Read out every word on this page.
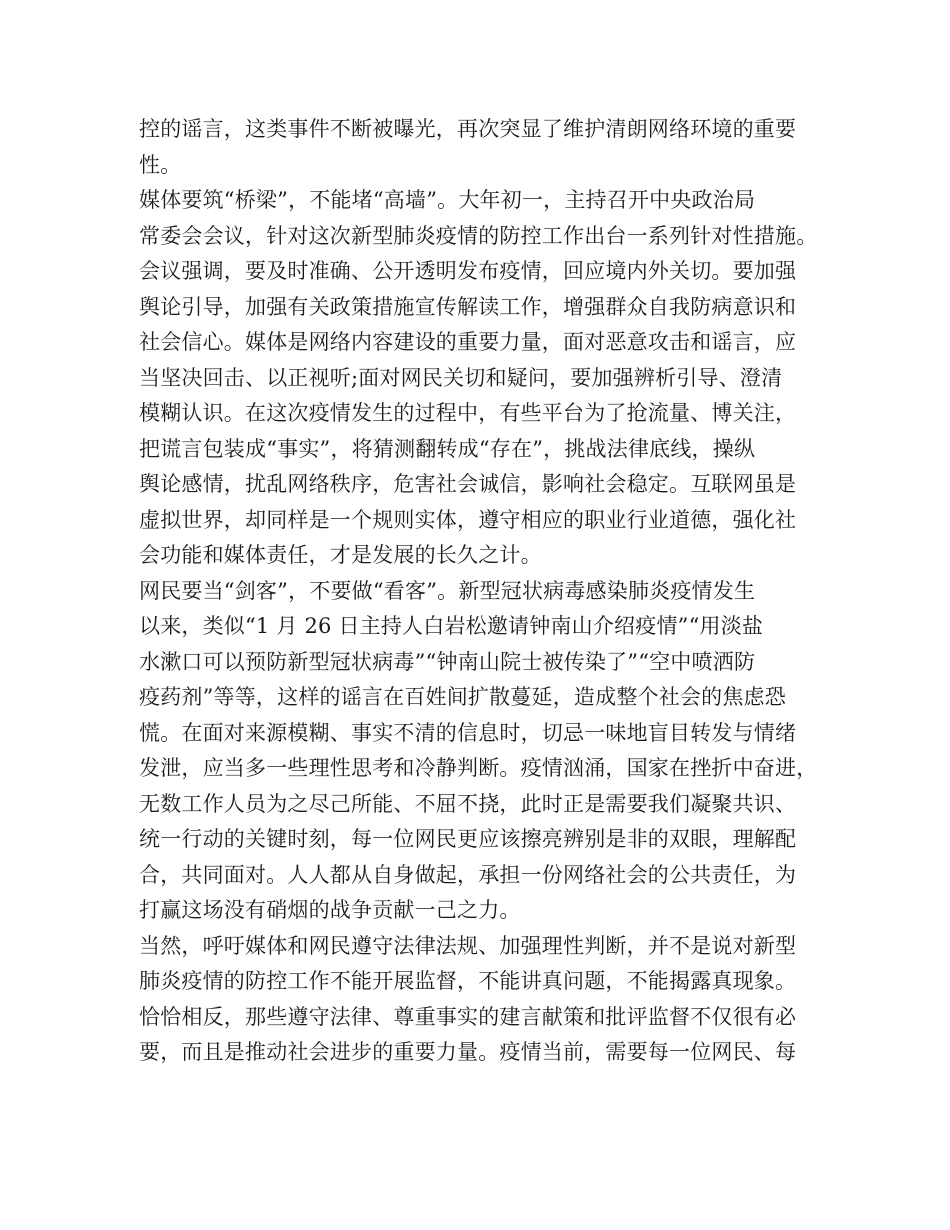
控的谣言，这类事件不断被曝光，再次突显了维护清朗网络环境的重要
性。
媒体要筑“桥梁”，不能堵“高墙”。大年初一，主持召开中央政治局
常委会会议，针对这次新型肺炎疫情的防控工作出台一系列针对性措施。
会议强调，要及时准确、公开透明发布疫情，回应境内外关切。要加强
舆论引导，加强有关政策措施宣传解读工作，增强群众自我防病意识和
社会信心。媒体是网络内容建设的重要力量，面对恶意攻击和谣言，应
当坚决回击、以正视听;面对网民关切和疑问，要加强辨析引导、澄清
模糊认识。在这次疫情发生的过程中，有些平台为了抢流量、博关注，
把谎言包装成“事实”，将猜测翻转成“存在”，挑战法律底线，操纵
舆论感情，扰乱网络秩序，危害社会诚信，影响社会稳定。互联网虽是
虚拟世界，却同样是一个规则实体，遵守相应的职业行业道德，强化社
会功能和媒体责任，才是发展的长久之计。
网民要当“剑客”，不要做“看客”。新型冠状病毒感染肺炎疫情发生
以来，类似“1 月 26 日主持人白岩松邀请钟南山介绍疫情”“用淡盐
水漱口可以预防新型冠状病毒”“钟南山院士被传染了”“空中喷洒防
疫药剂”等等，这样的谣言在百姓间扩散蔓延，造成整个社会的焦虑恐
慌。在面对来源模糊、事实不清的信息时，切忌一味地盲目转发与情绪
发泄，应当多一些理性思考和冷静判断。疫情汹涌，国家在挫折中奋进，
无数工作人员为之尽己所能、不屈不挠，此时正是需要我们凝聚共识、
统一行动的关键时刻，每一位网民更应该擦亮辨别是非的双眼，理解配
合，共同面对。人人都从自身做起，承担一份网络社会的公共责任，为
打赢这场没有硝烟的战争贡献一己之力。
当然，呼吁媒体和网民遵守法律法规、加强理性判断，并不是说对新型
肺炎疫情的防控工作不能开展监督，不能讲真问题，不能揭露真现象。
恰恰相反，那些遵守法律、尊重事实的建言献策和批评监督不仅很有必
要，而且是推动社会进步的重要力量。疫情当前，需要每一位网民、每
